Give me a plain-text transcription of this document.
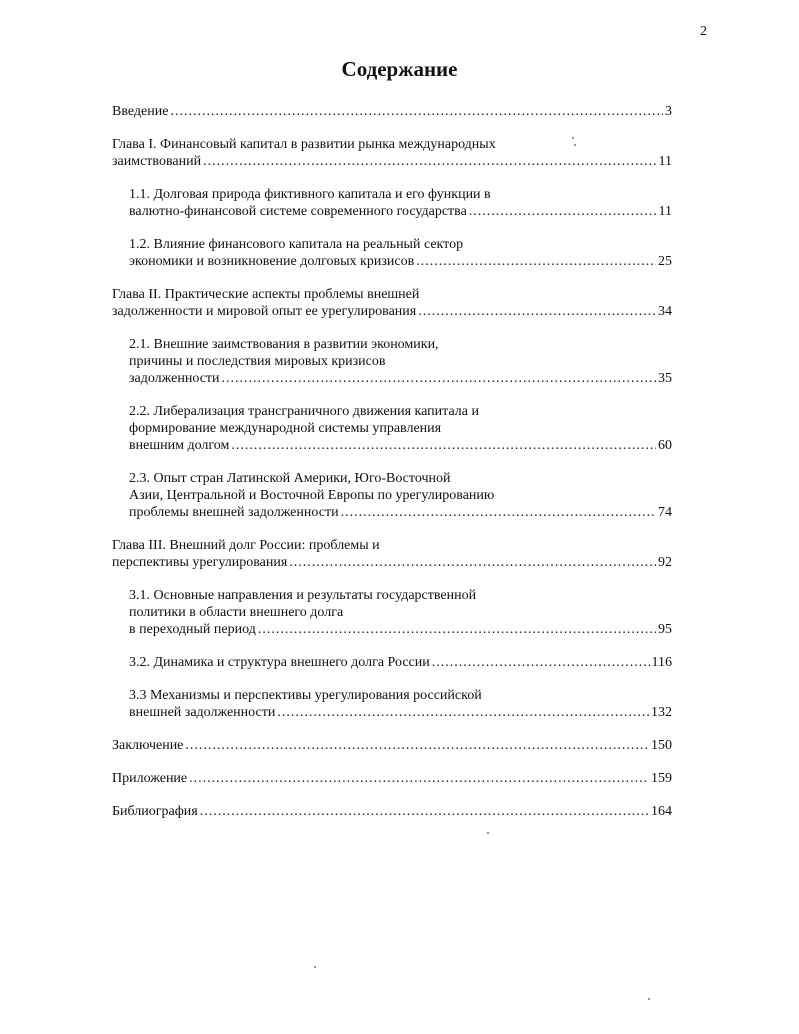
2
Содержание
Введение .....	3
Глава I. Финансовый капитал в развитии рынка международных
заимствований .....	11
1.1. Долговая природа фиктивного капитала и его функции в
валютно-финансовой системе современного государства .....	11
1.2. Влияние финансового капитала на реальный сектор
экономики и возникновение долговых кризисов .....	25
Глава II. Практические аспекты проблемы внешней
задолженности и мировой опыт ее урегулирования .....	34
2.1. Внешние заимствования в развитии экономики,
причины и последствия мировых кризисов
задолженности .....	35
2.2. Либерализация трансграничного движения капитала и
формирование международной системы управления
внешним долгом .....	60
2.3. Опыт стран Латинской Америки, Юго-Восточной
Азии, Центральной и Восточной Европы по урегулированию
проблемы внешней задолженности .....	74
Глава III. Внешний долг России: проблемы и
перспективы урегулирования .....	92
3.1. Основные направления и результаты государственной
политики в области внешнего долга
в переходный период .....	95
3.2. Динамика и структура внешнего долга России .....	116
3.3 Механизмы и перспективы урегулирования российской
внешней задолженности .....	132
Заключение .....	150
Приложение .....	159
Библиография .....	164
